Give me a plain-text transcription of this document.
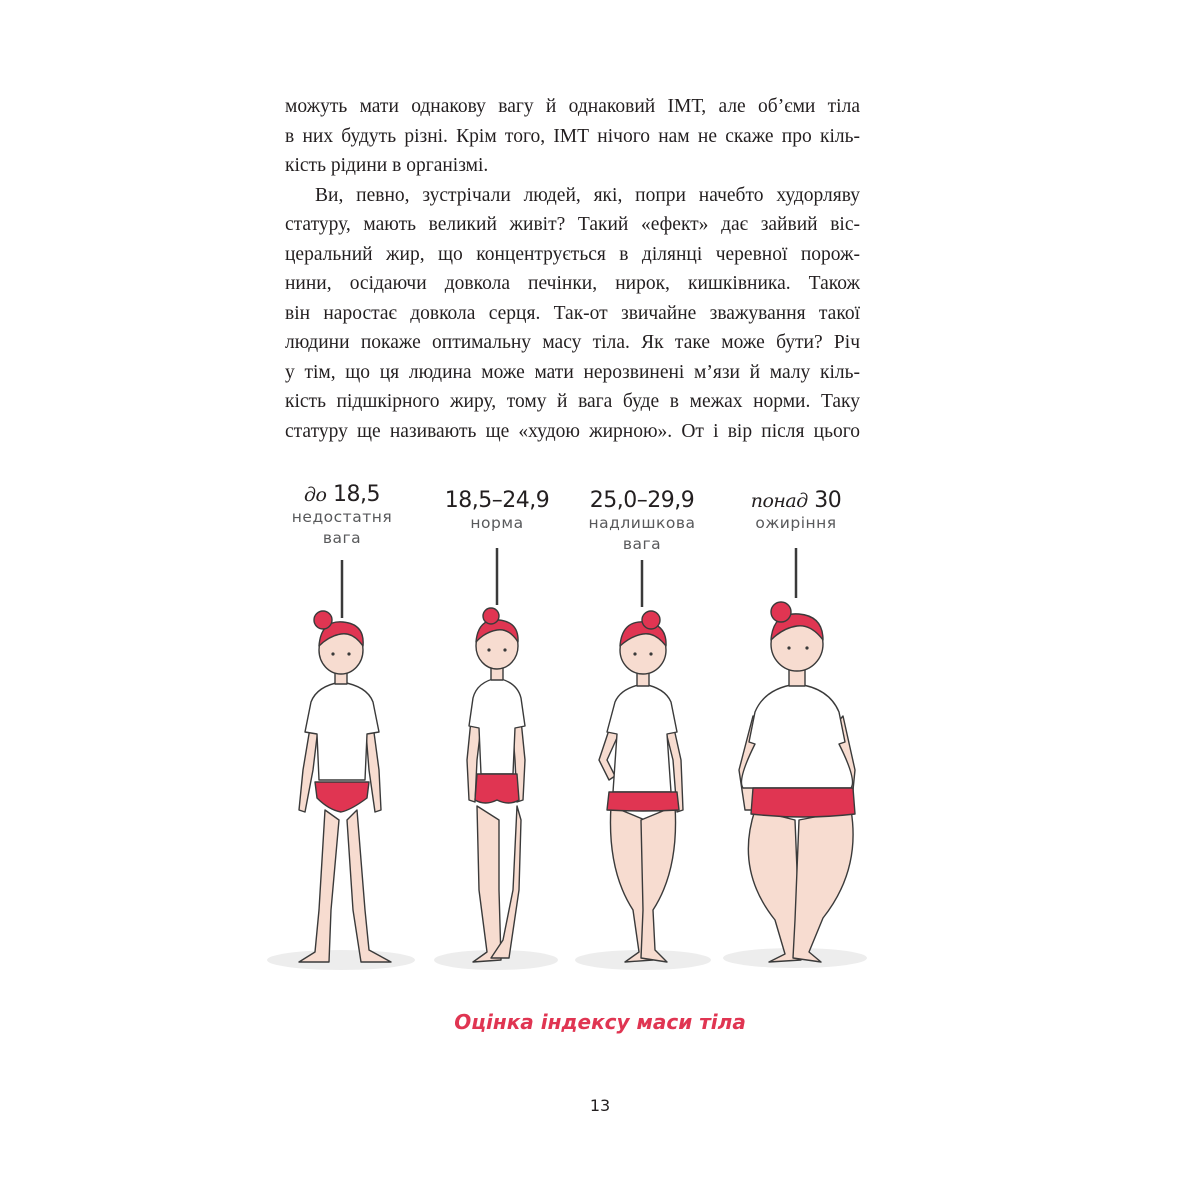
можуть мати однакову вагу й однаковий ІМТ, але об’єми тіла
в них будуть різні. Крім того, ІМТ нічого нам не скаже про кіль-
кість рідини в організмі.
Ви, певно, зустрічали людей, які, попри начебто худорляву
статуру, мають великий живіт? Такий «ефект» дає зайвий віс-
церальний жир, що концентрується в ділянці черевної порож-
нини, осідаючи довкола печінки, нирок, кишківника. Також
він наростає довкола серця. Так-от звичайне зважування такої
людини покаже оптимальну масу тіла. Як таке може бути? Річ
у тім, що ця людина може мати нерозвинені м’язи й малу кіль-
кість підшкірного жиру, тому й вага буде в межах норми. Таку
статуру ще називають ще «худою жирною». От і вір після цього
до 18,5
недостатня
вага
18,5–24,9
норма
25,0–29,9
надлишкова
вага
понад 30
ожиріння
Оцінка індексу маси тіла
13
